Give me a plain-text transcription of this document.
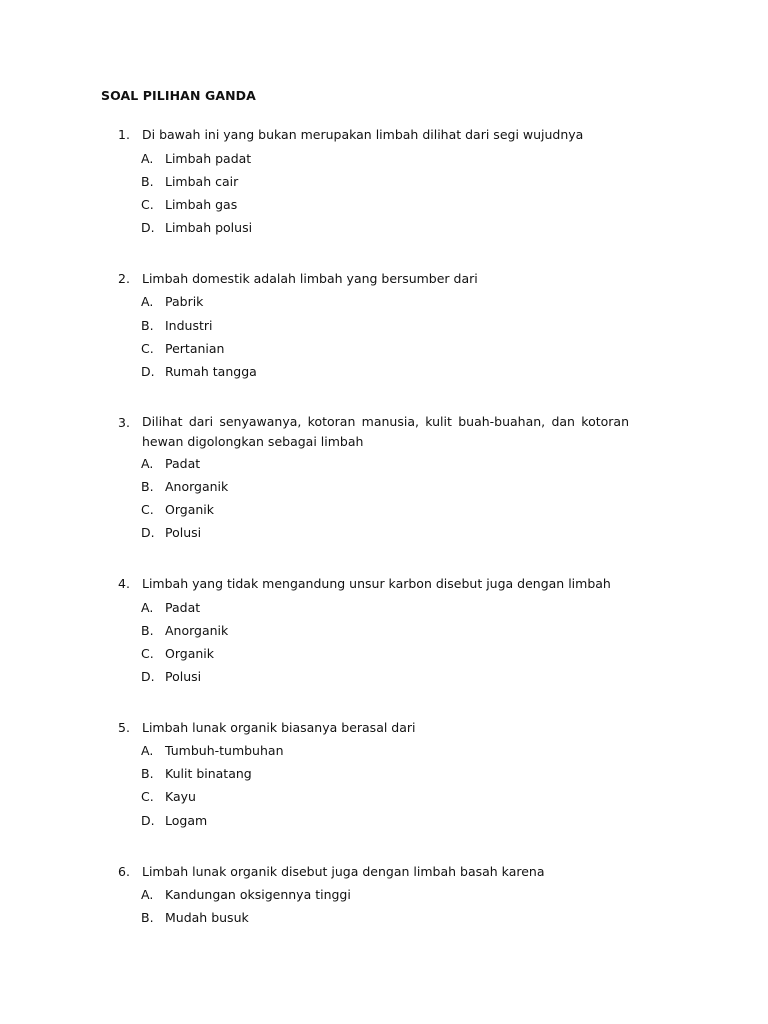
SOAL PILIHAN GANDA
1. Di bawah ini yang bukan merupakan limbah dilihat dari segi wujudnya
A. Limbah padat
B. Limbah cair
C. Limbah gas
D. Limbah polusi
2. Limbah domestik adalah limbah yang bersumber dari
A. Pabrik
B. Industri
C. Pertanian
D. Rumah tangga
3. Dilihat dari senyawanya, kotoran manusia, kulit buah-buahan, dan kotoran hewan digolongkan sebagai limbah
A. Padat
B. Anorganik
C. Organik
D. Polusi
4. Limbah yang tidak mengandung unsur karbon disebut juga dengan limbah
A. Padat
B. Anorganik
C. Organik
D. Polusi
5. Limbah lunak organik biasanya berasal dari
A. Tumbuh-tumbuhan
B. Kulit binatang
C. Kayu
D. Logam
6. Limbah lunak organik disebut juga dengan limbah basah karena
A. Kandungan oksigennya tinggi
B. Mudah busuk
